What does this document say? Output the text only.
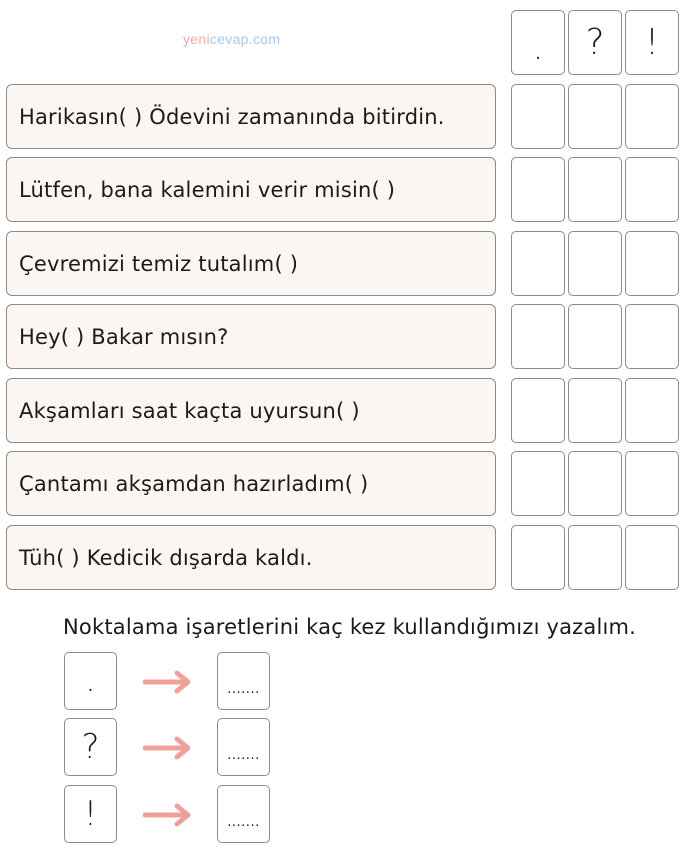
yenicevap.com	.	?	!
Harikasın( ) Ödevini zamanında bitirdin.
Lütfen, bana kalemini verir misin( )
Çevremizi temiz tutalım( )
Hey( ) Bakar mısın?
Akşamları saat kaçta uyursun( )
Çantamı akşamdan hazırladım( )
Tüh( ) Kedicik dışarda kaldı.
Noktalama işaretlerini kaç kez kullandığımızı yazalım.
.	.......
?	.......
!	.......
